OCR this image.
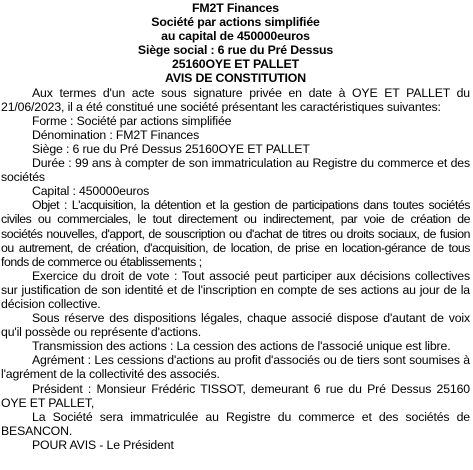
FM2T Finances
Société par actions simplifiée
au capital de 450000euros
Siège social : 6 rue du Pré Dessus
25160OYE ET PALLET
AVIS DE CONSTITUTION

Aux termes d'un acte sous signature privée en date à OYE ET PALLET du 21/06/2023, il a été constitué une société présentant les caractéristiques suivantes:

Forme : Société par actions simplifiée

Dénomination : FM2T Finances

Siège : 6 rue du Pré Dessus 25160OYE ET PALLET

Durée : 99 ans à compter de son immatriculation au Registre du commerce et des sociétés

Capital : 450000euros

Objet : L'acquisition, la détention et la gestion de participations dans toutes sociétés civiles ou commerciales, le tout directement ou indirectement, par voie de création de sociétés nouvelles, d'apport, de souscription ou d'achat de titres ou droits sociaux, de fusion ou autrement, de création, d'acquisition, de location, de prise en location-gérance de tous fonds de commerce ou établissements ;

Exercice du droit de vote : Tout associé peut participer aux décisions collectives sur justification de son identité et de l'inscription en compte de ses actions au jour de la décision collective.

Sous réserve des dispositions légales, chaque associé dispose d'autant de voix qu'il possède ou représente d'actions.

Transmission des actions : La cession des actions de l'associé unique est libre.

Agrément : Les cessions d'actions au profit d'associés ou de tiers sont soumises à l'agrément de la collectivité des associés.

Président : Monsieur Frédéric TISSOT, demeurant 6 rue du Pré Dessus 25160 OYE ET PALLET,

La Société sera immatriculée au Registre du commerce et des sociétés de BESANCON.

POUR AVIS - Le Président
